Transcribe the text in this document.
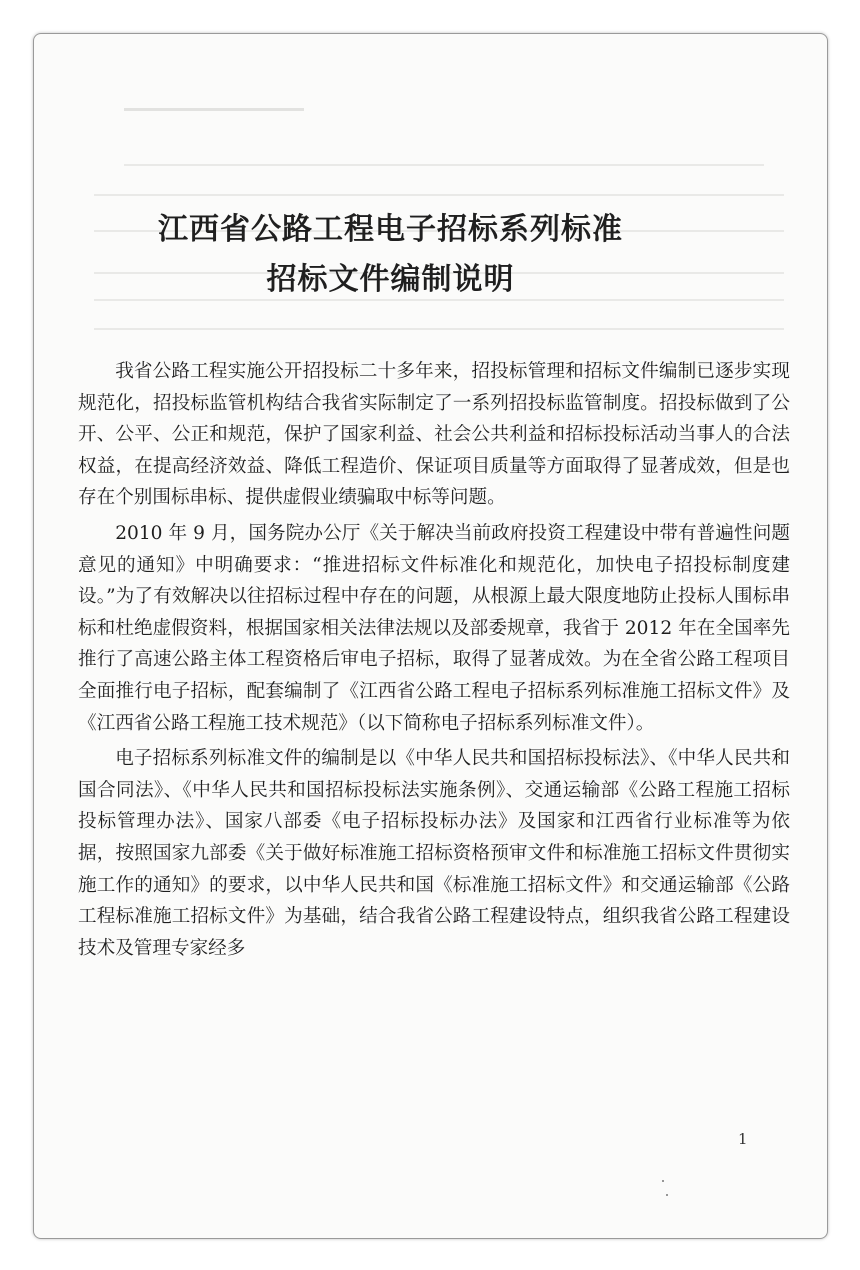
江西省公路工程电子招标系列标准
招标文件编制说明

我省公路工程实施公开招投标二十多年来，招投标管理和招标文件编制已逐步实现规范化，招投标监管机构结合我省实际制定了一系列招投标监管制度。招投标做到了公开、公平、公正和规范，保护了国家利益、社会公共利益和招标投标活动当事人的合法权益，在提高经济效益、降低工程造价、保证项目质量等方面取得了显著成效，但是也存在个别围标串标、提供虚假业绩骗取中标等问题。

2010 年 9 月，国务院办公厅《关于解决当前政府投资工程建设中带有普遍性问题意见的通知》中明确要求：“推进招标文件标准化和规范化，加快电子招投标制度建设。”为了有效解决以往招标过程中存在的问题，从根源上最大限度地防止投标人围标串标和杜绝虚假资料，根据国家相关法律法规以及部委规章，我省于 2012 年在全国率先推行了高速公路主体工程资格后审电子招标，取得了显著成效。为在全省公路工程项目全面推行电子招标，配套编制了《江西省公路工程电子招标系列标准施工招标文件》及《江西省公路工程施工技术规范》（以下简称电子招标系列标准文件）。

电子招标系列标准文件的编制是以《中华人民共和国招标投标法》、《中华人民共和国合同法》、《中华人民共和国招标投标法实施条例》、交通运输部《公路工程施工招标投标管理办法》、国家八部委《电子招标投标办法》及国家和江西省行业标准等为依据，按照国家九部委《关于做好标准施工招标资格预审文件和标准施工招标文件贯彻实施工作的通知》的要求，以中华人民共和国《标准施工招标文件》和交通运输部《公路工程标准施工招标文件》为基础，结合我省公路工程建设特点，组织我省公路工程建设技术及管理专家经多

1
